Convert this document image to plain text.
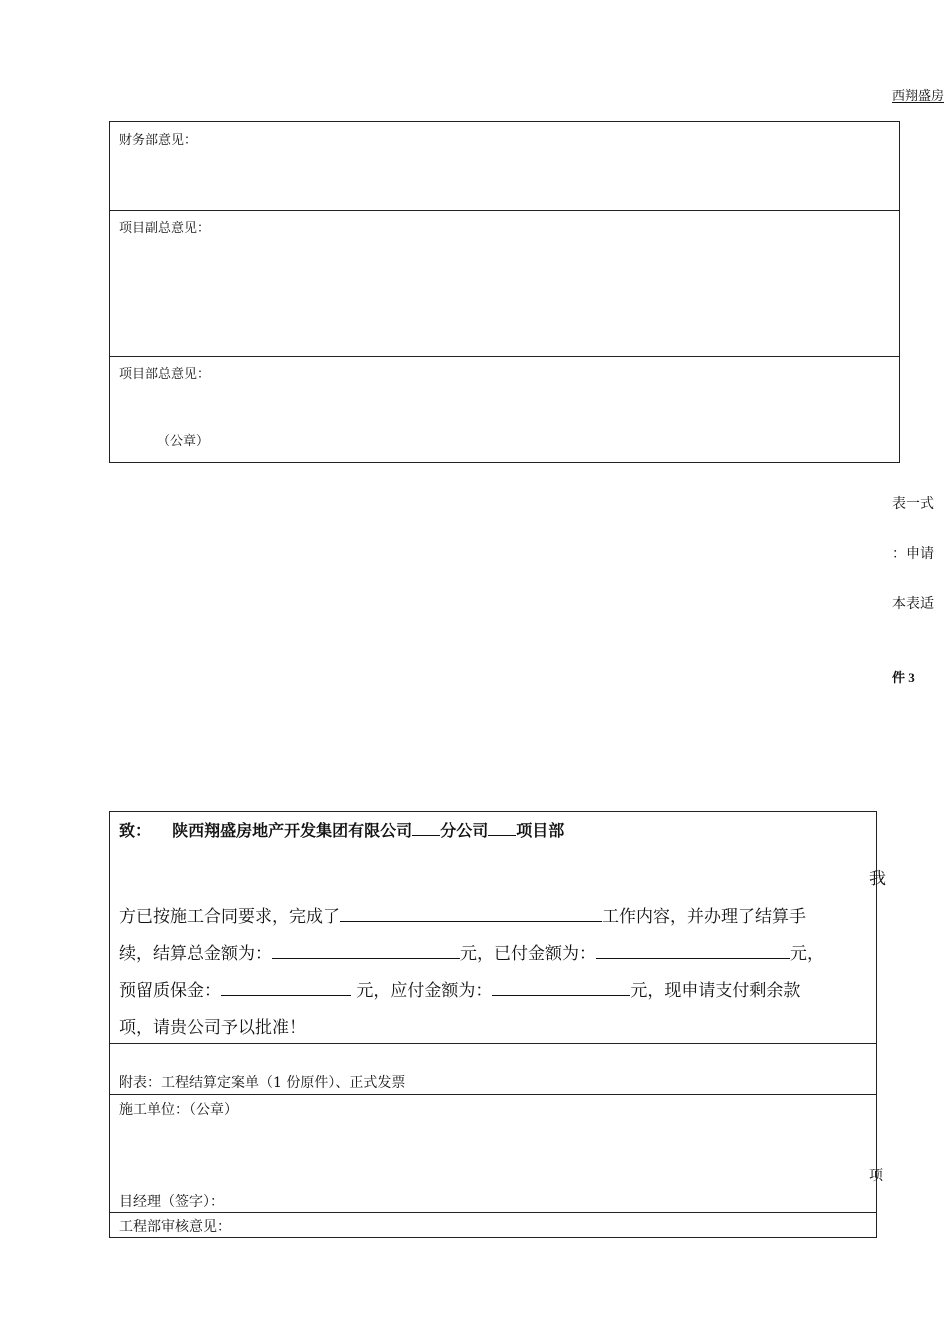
西翔盛房
财务部意见：
项目副总意见：
项目部总意见：
（公章）
表一式
：申请
本表适
件 3
致： 陕西翔盛房地产开发集团有限公司 分公司 项目部
我
方已按施工合同要求，完成了	工作内容，并办理了结算手
续，结算总金额为：	元，已付金额为：	元，
预留质保金：	元，应付金额为：	元，现申请支付剩余款
项，请贵公司予以批准！
附表：工程结算定案单（1 份原件）、正式发票
施工单位：（公章）
项
目经理（签字）：
工程部审核意见：
